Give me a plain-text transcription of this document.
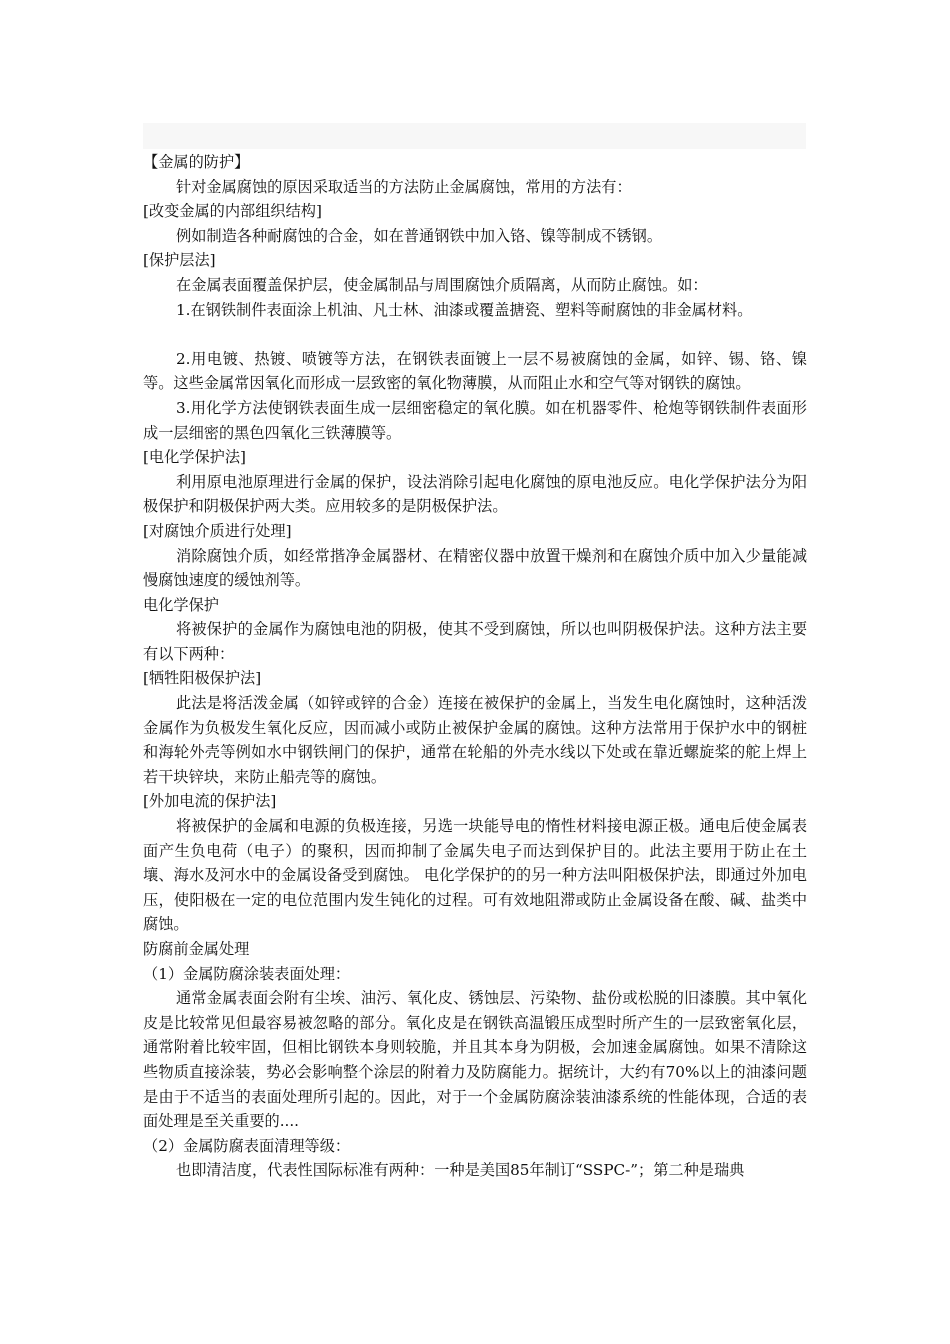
【金属的防护】

针对金属腐蚀的原因采取适当的方法防止金属腐蚀，常用的方法有：

[改变金属的内部组织结构]

例如制造各种耐腐蚀的合金，如在普通钢铁中加入铬、镍等制成不锈钢。

[保护层法]

在金属表面覆盖保护层，使金属制品与周围腐蚀介质隔离，从而防止腐蚀。如：

1.在钢铁制件表面涂上机油、凡士林、油漆或覆盖搪瓷、塑料等耐腐蚀的非金属材料。

2.用电镀、热镀、喷镀等方法，在钢铁表面镀上一层不易被腐蚀的金属，如锌、锡、铬、镍等。这些金属常因氧化而形成一层致密的氧化物薄膜，从而阻止水和空气等对钢铁的腐蚀。

3.用化学方法使钢铁表面生成一层细密稳定的氧化膜。如在机器零件、枪炮等钢铁制件表面形成一层细密的黑色四氧化三铁薄膜等。

[电化学保护法]

利用原电池原理进行金属的保护，设法消除引起电化腐蚀的原电池反应。电化学保护法分为阳极保护和阴极保护两大类。应用较多的是阴极保护法。

[对腐蚀介质进行处理]

消除腐蚀介质，如经常揩净金属器材、在精密仪器中放置干燥剂和在腐蚀介质中加入少量能减慢腐蚀速度的缓蚀剂等。

电化学保护

将被保护的金属作为腐蚀电池的阴极，使其不受到腐蚀，所以也叫阴极保护法。这种方法主要有以下两种：

[牺牲阳极保护法]

此法是将活泼金属（如锌或锌的合金）连接在被保护的金属上，当发生电化腐蚀时，这种活泼金属作为负极发生氧化反应，因而减小或防止被保护金属的腐蚀。这种方法常用于保护水中的钢桩和海轮外壳等例如水中钢铁闸门的保护，通常在轮船的外壳水线以下处或在靠近螺旋桨的舵上焊上若干块锌块，来防止船壳等的腐蚀。

[外加电流的保护法]

将被保护的金属和电源的负极连接，另选一块能导电的惰性材料接电源正极。通电后使金属表面产生负电荷（电子）的聚积，因而抑制了金属失电子而达到保护目的。此法主要用于防止在土壤、海水及河水中的金属设备受到腐蚀。 电化学保护的的另一种方法叫阳极保护法，即通过外加电压，使阳极在一定的电位范围内发生钝化的过程。可有效地阻滞或防止金属设备在酸、碱、盐类中腐蚀。

防腐前金属处理

（1）金属防腐涂装表面处理：

通常金属表面会附有尘埃、油污、氧化皮、锈蚀层、污染物、盐份或松脱的旧漆膜。其中氧化皮是比较常见但最容易被忽略的部分。氧化皮是在钢铁高温锻压成型时所产生的一层致密氧化层，通常附着比较牢固，但相比钢铁本身则较脆，并且其本身为阴极，会加速金属腐蚀。如果不清除这些物质直接涂装，势必会影响整个涂层的附着力及防腐能力。据统计，大约有70%以上的油漆问题是由于不适当的表面处理所引起的。因此，对于一个金属防腐涂装油漆系统的性能体现，合适的表面处理是至关重要的....

（2）金属防腐表面清理等级：

也即清洁度，代表性国际标准有两种：一种是美国85年制订“SSPC-”；第二种是瑞典
